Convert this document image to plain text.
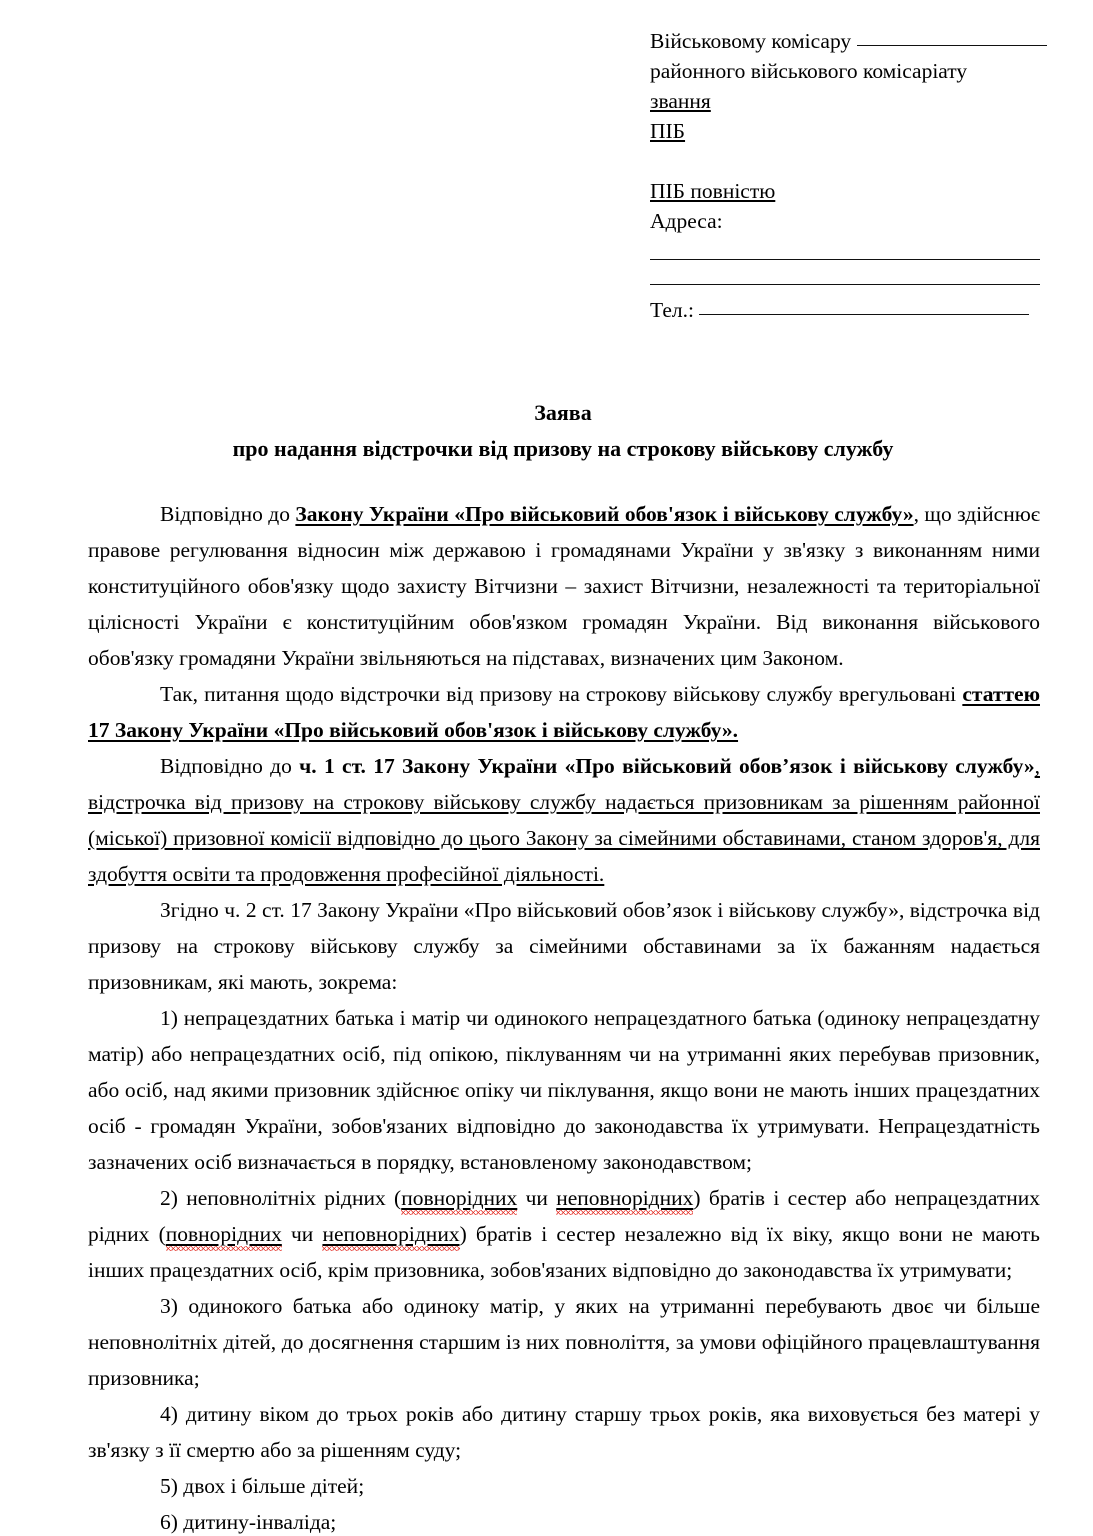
Військовому комісару
районного військового комісаріату
звання
ПІБ
ПІБ повністю
Адреса:
Тел.:
Заява
про надання відстрочки від призову на строкову військову службу

Відповідно до Закону України «Про військовий обов'язок і військову службу», що здійснює правове регулювання відносин між державою і громадянами України у зв'язку з виконанням ними конституційного обов'язку щодо захисту Вітчизни – захист Вітчизни, незалежності та територіальної цілісності України є конституційним обов'язком громадян України. Від виконання військового обов'язку громадяни України звільняються на підставах, визначених цим Законом.

Так, питання щодо відстрочки від призову на строкову військову службу врегульовані статтею 17 Закону України «Про військовий обов'язок і військову службу».

Відповідно до ч. 1 ст. 17 Закону України «Про військовий обов’язок і військову службу», відстрочка від призову на строкову військову службу надається призовникам за рішенням районної (міської) призовної комісії відповідно до цього Закону за сімейними обставинами, станом здоров'я, для здобуття освіти та продовження професійної діяльності.

Згідно ч. 2 ст. 17 Закону України «Про військовий обов’язок і військову службу», відстрочка від призову на строкову військову службу за сімейними обставинами за їх бажанням надається призовникам, які мають, зокрема:

1) непрацездатних батька і матір чи одинокого непрацездатного батька (одиноку непрацездатну матір) або непрацездатних осіб, під опікою, піклуванням чи на утриманні яких перебував призовник, або осіб, над якими призовник здійснює опіку чи піклування, якщо вони не мають інших працездатних осіб - громадян України, зобов'язаних відповідно до законодавства їх утримувати. Непрацездатність зазначених осіб визначається в порядку, встановленому законодавством;

2) неповнолітніх рідних (повнорідних чи неповнорідних) братів і сестер або непрацездатних рідних (повнорідних чи неповнорідних) братів і сестер незалежно від їх віку, якщо вони не мають інших працездатних осіб, крім призовника, зобов'язаних відповідно до законодавства їх утримувати;

3) одинокого батька або одиноку матір, у яких на утриманні перебувають двоє чи більше неповнолітніх дітей, до досягнення старшим із них повноліття, за умови офіційного працевлаштування призовника;

4) дитину віком до трьох років або дитину старшу трьох років, яка виховується без матері у зв'язку з її смертю або за рішенням суду;

5) двох і більше дітей;

6) дитину-інваліда;
